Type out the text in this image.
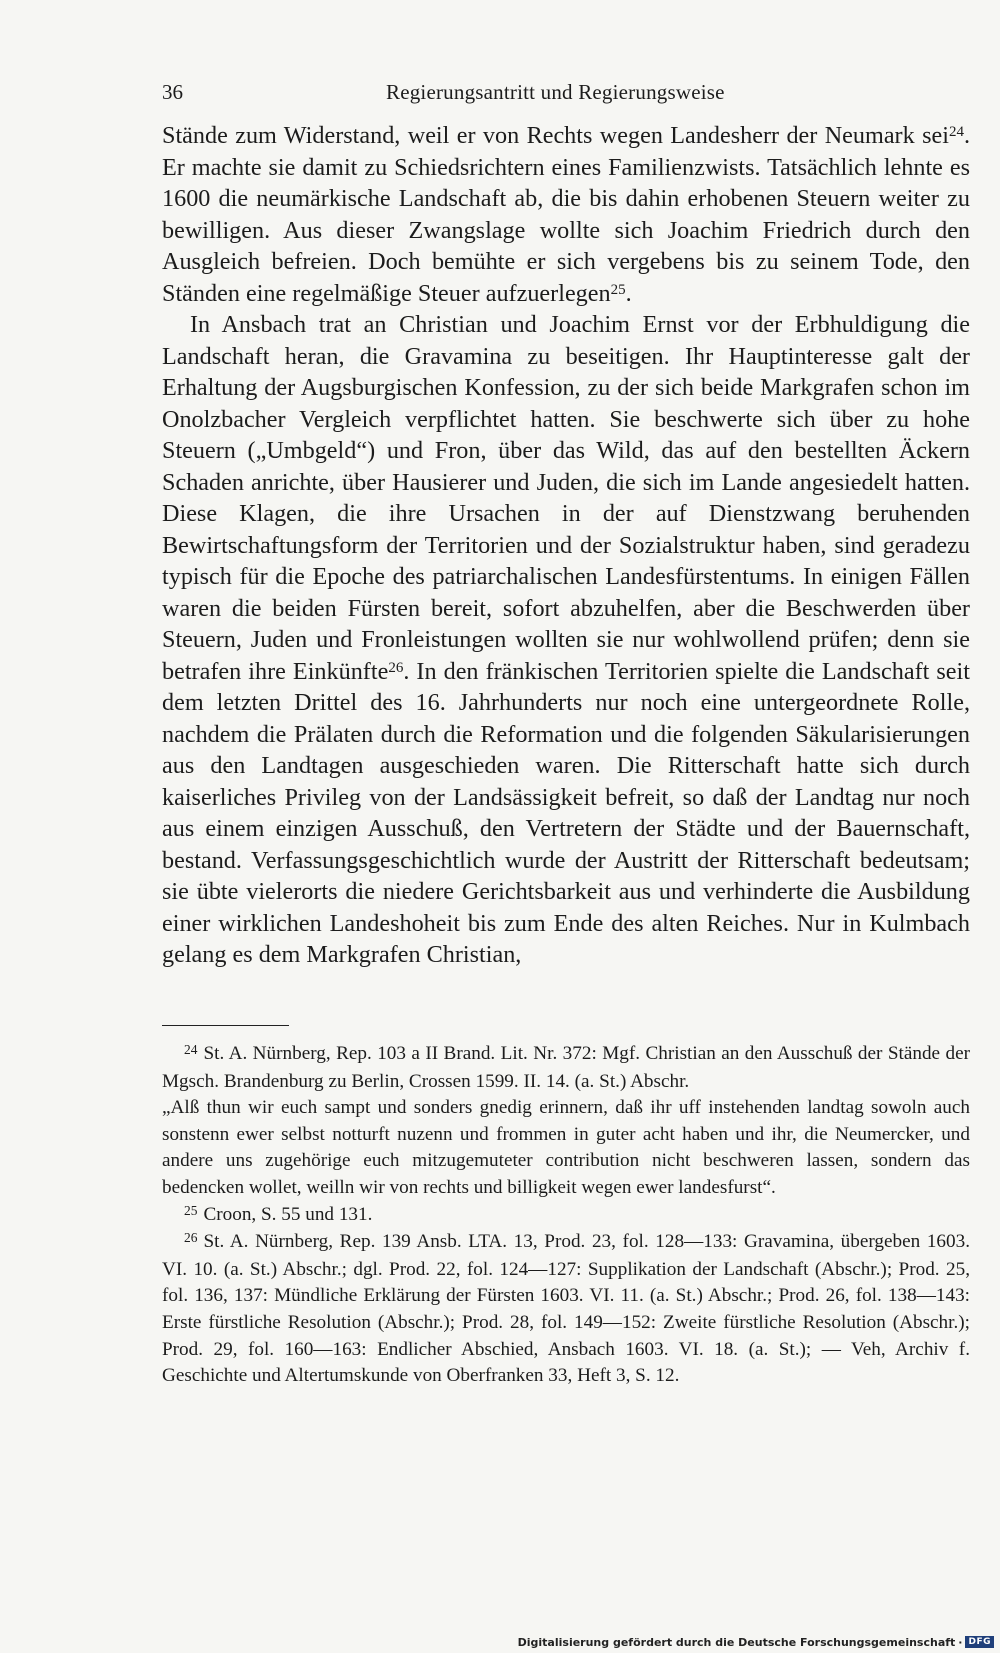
36	Regierungsantritt und Regierungsweise

Stände zum Widerstand, weil er von Rechts wegen Landesherr der Neumark sei$^{24}$. Er machte sie damit zu Schiedsrichtern eines Familienzwists. Tatsächlich lehnte es 1600 die neumärkische Landschaft ab, die bis dahin erhobenen Steuern weiter zu bewilligen. Aus dieser Zwangslage wollte sich Joachim Friedrich durch den Ausgleich befreien. Doch bemühte er sich vergebens bis zu seinem Tode, den Ständen eine regelmäßige Steuer aufzuerlegen$^{25}$.

In Ansbach trat an Christian und Joachim Ernst vor der Erbhuldigung die Landschaft heran, die Gravamina zu beseitigen. Ihr Hauptinteresse galt der Erhaltung der Augsburgischen Konfession, zu der sich beide Markgrafen schon im Onolzbacher Vergleich verpflichtet hatten. Sie beschwerte sich über zu hohe Steuern („Umbgeld“) und Fron, über das Wild, das auf den bestellten Äckern Schaden anrichte, über Hausierer und Juden, die sich im Lande angesiedelt hatten. Diese Klagen, die ihre Ursachen in der auf Dienstzwang beruhenden Bewirtschaftungsform der Territorien und der Sozialstruktur haben, sind geradezu typisch für die Epoche des patriarchalischen Landesfürstentums. In einigen Fällen waren die beiden Fürsten bereit, sofort abzuhelfen, aber die Beschwerden über Steuern, Juden und Fronleistungen wollten sie nur wohlwollend prüfen; denn sie betrafen ihre Einkünfte$^{26}$. In den fränkischen Territorien spielte die Landschaft seit dem letzten Drittel des 16. Jahrhunderts nur noch eine untergeordnete Rolle, nachdem die Prälaten durch die Reformation und die folgenden Säkularisierungen aus den Landtagen ausgeschieden waren. Die Ritterschaft hatte sich durch kaiserliches Privileg von der Landsässigkeit befreit, so daß der Landtag nur noch aus einem einzigen Ausschuß, den Vertretern der Städte und der Bauernschaft, bestand. Verfassungsgeschichtlich wurde der Austritt der Ritterschaft bedeutsam; sie übte vielerorts die niedere Gerichtsbarkeit aus und verhinderte die Ausbildung einer wirklichen Landeshoheit bis zum Ende des alten Reiches. Nur in Kulmbach gelang es dem Markgrafen Christian,

$^{24}$ St. A. Nürnberg, Rep. 103 a II Brand. Lit. Nr. 372: Mgf. Christian an den Ausschuß der Stände der Mgsch. Brandenburg zu Berlin, Crossen 1599. II. 14. (a. St.) Abschr.

„Alß thun wir euch sampt und sonders gnedig erinnern, daß ihr uff instehenden landtag sowoln auch sonstenn ewer selbst notturft nuzenn und frommen in guter acht haben und ihr, die Neumercker, und andere uns zugehörige euch mitzugemuteter contribution nicht beschweren lassen, sondern das bedencken wollet, weilln wir von rechts und billigkeit wegen ewer landesfurst“.

$^{25}$ Croon, S. 55 und 131.

$^{26}$ St. A. Nürnberg, Rep. 139 Ansb. LTA. 13, Prod. 23, fol. 128—133: Gravamina, übergeben 1603. VI. 10. (a. St.) Abschr.; dgl. Prod. 22, fol. 124—127: Supplikation der Landschaft (Abschr.); Prod. 25, fol. 136, 137: Mündliche Erklärung der Fürsten 1603. VI. 11. (a. St.) Abschr.; Prod. 26, fol. 138—143: Erste fürstliche Resolution (Abschr.); Prod. 28, fol. 149—152: Zweite fürstliche Resolution (Abschr.); Prod. 29, fol. 160—163: Endlicher Abschied, Ansbach 1603. VI. 18. (a. St.); — Veh, Archiv f. Geschichte und Altertumskunde von Oberfranken 33, Heft 3, S. 12.

Digitalisierung gefördert durch die Deutsche Forschungsgemeinschaft · DFG
